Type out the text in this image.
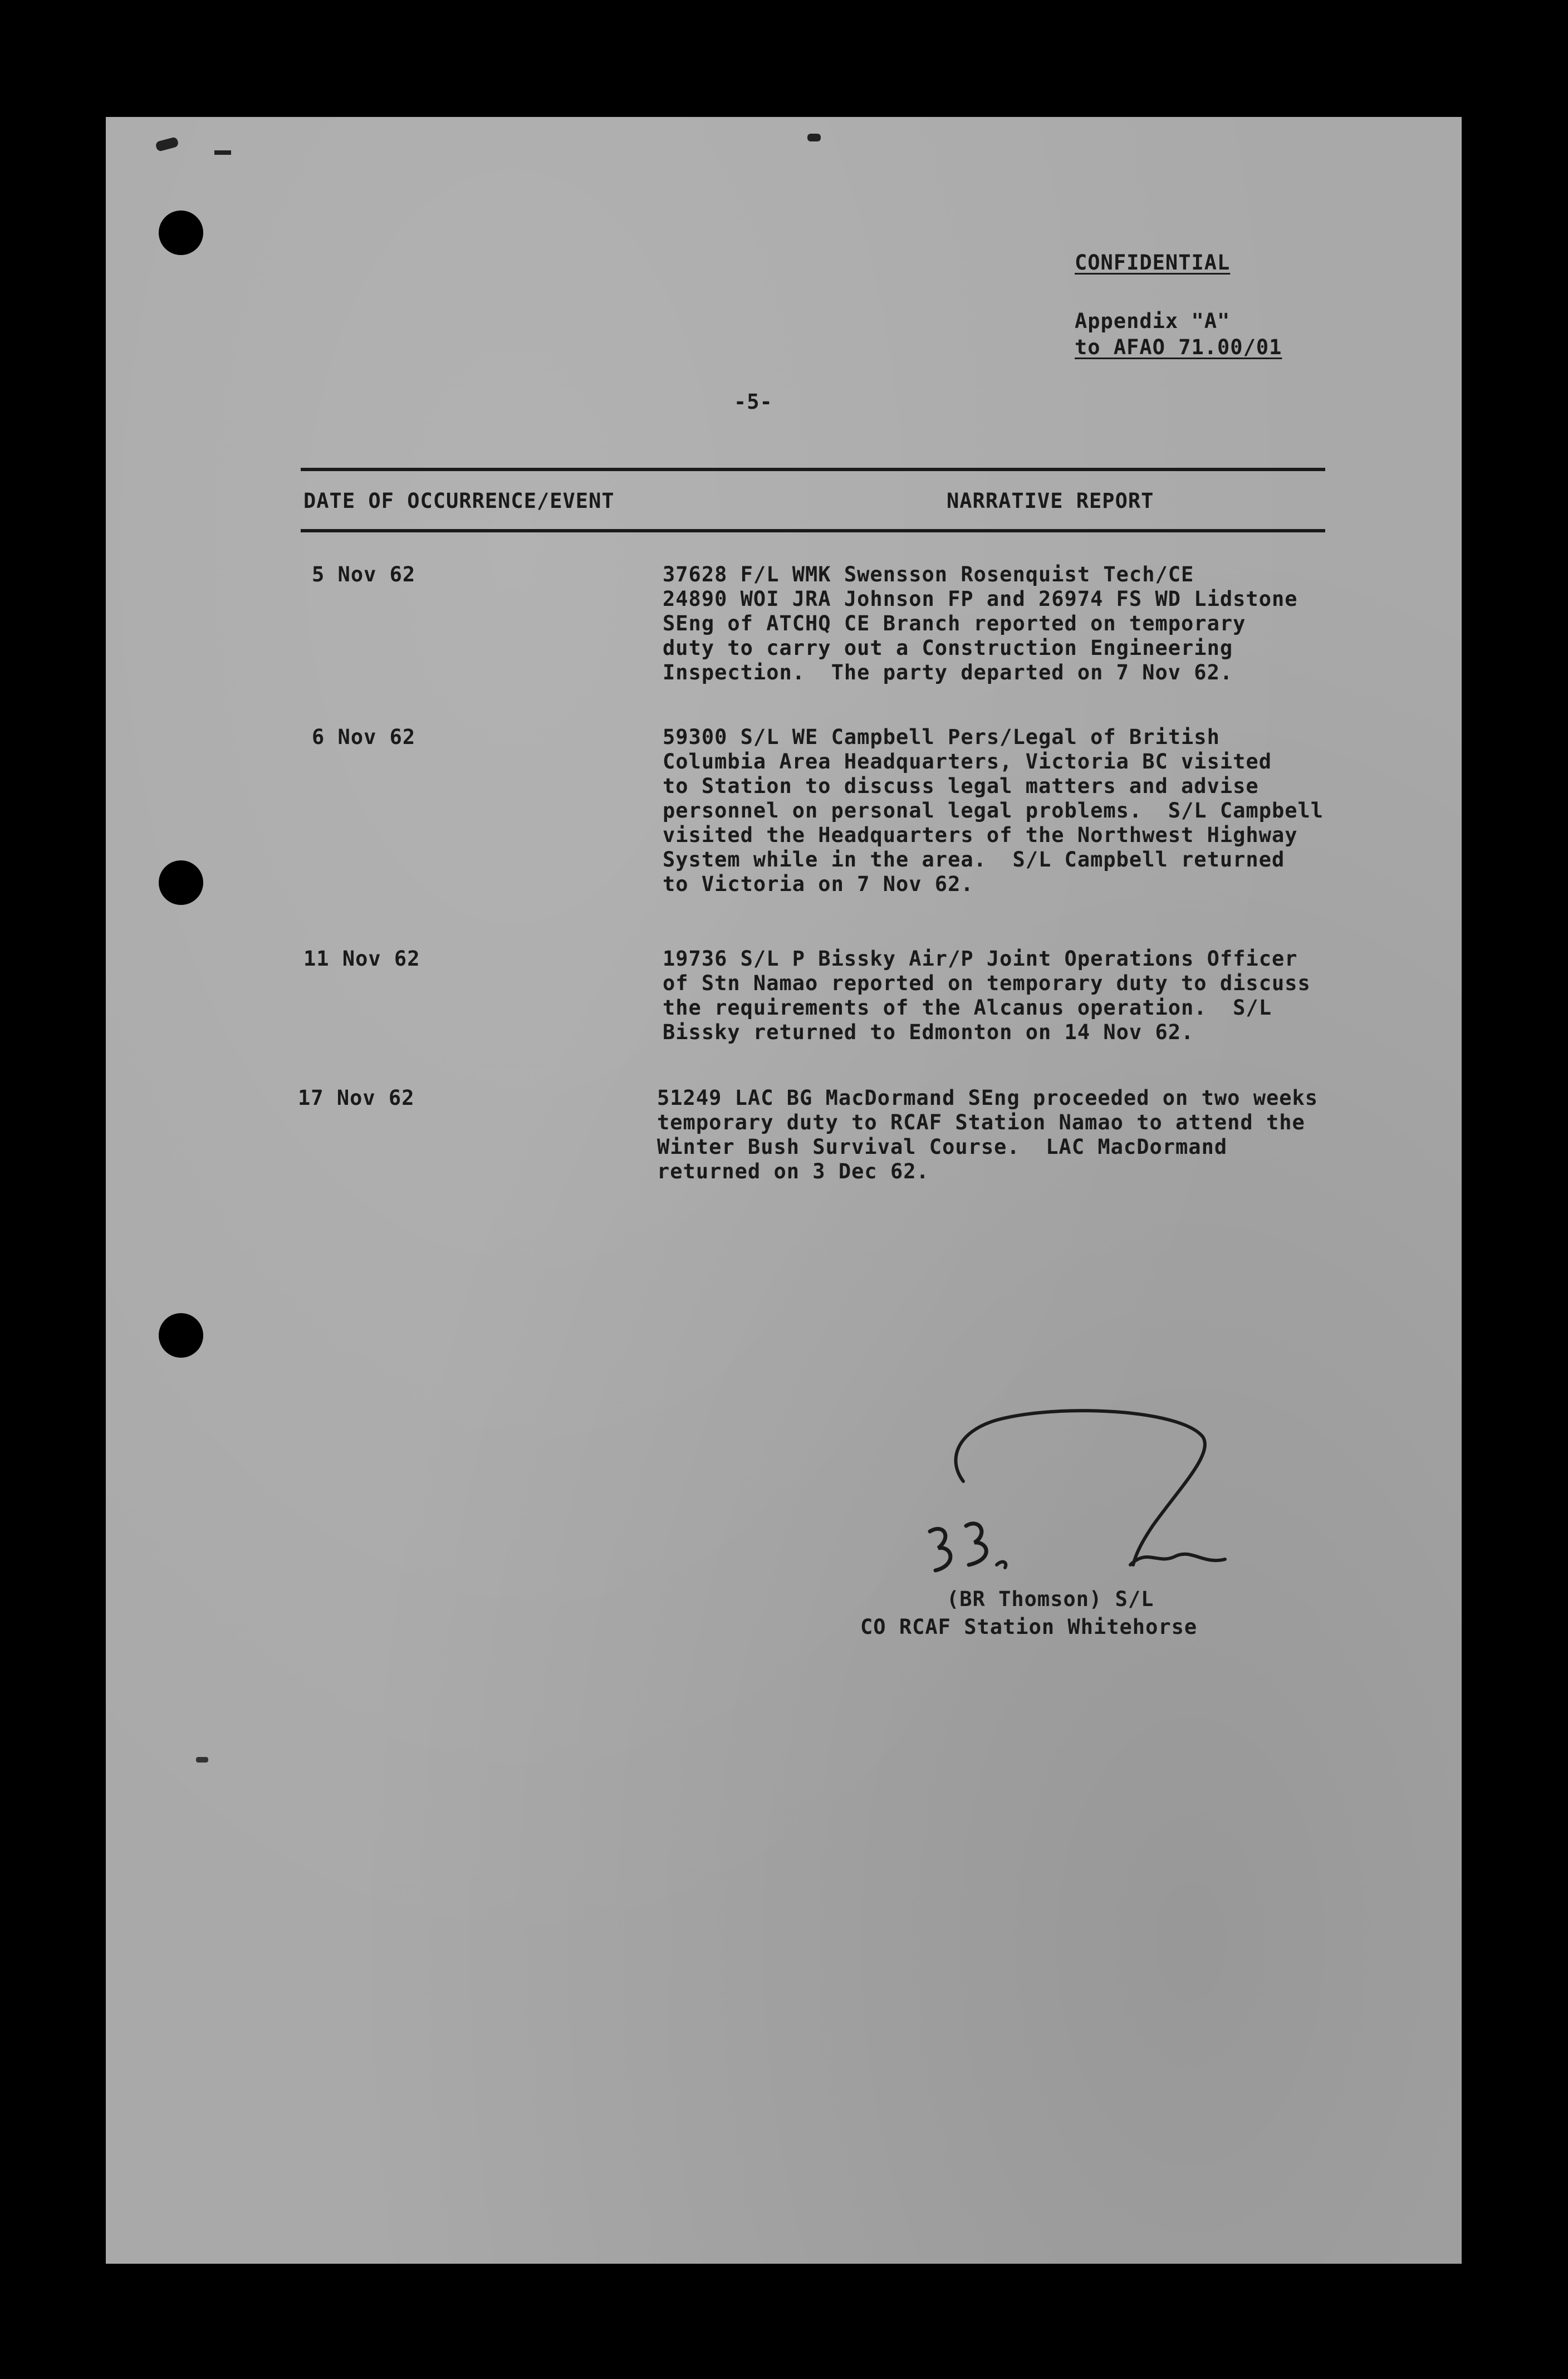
CONFIDENTIAL
Appendix "A"
to AFAO 71.00/01
-5-
DATE OF OCCURRENCE/EVENT	NARRATIVE REPORT
5 Nov 62	37628 F/L WMK Swensson Rosenquist Tech/CE
24890 WOI JRA Johnson FP and 26974 FS WD Lidstone
SEng of ATCHQ CE Branch reported on temporary
duty to carry out a Construction Engineering
Inspection.  The party departed on 7 Nov 62.
6 Nov 62	59300 S/L WE Campbell Pers/Legal of British
Columbia Area Headquarters, Victoria BC visited
to Station to discuss legal matters and advise
personnel on personal legal problems.  S/L Campbell
visited the Headquarters of the Northwest Highway
System while in the area.  S/L Campbell returned
to Victoria on 7 Nov 62.
11 Nov 62	19736 S/L P Bissky Air/P Joint Operations Officer
of Stn Namao reported on temporary duty to discuss
the requirements of the Alcanus operation.  S/L
Bissky returned to Edmonton on 14 Nov 62.
17 Nov 62	51249 LAC BG MacDormand SEng proceeded on two weeks
temporary duty to RCAF Station Namao to attend the
Winter Bush Survival Course.  LAC MacDormand
returned on 3 Dec 62.
(BR Thomson) S/L
CO RCAF Station Whitehorse
